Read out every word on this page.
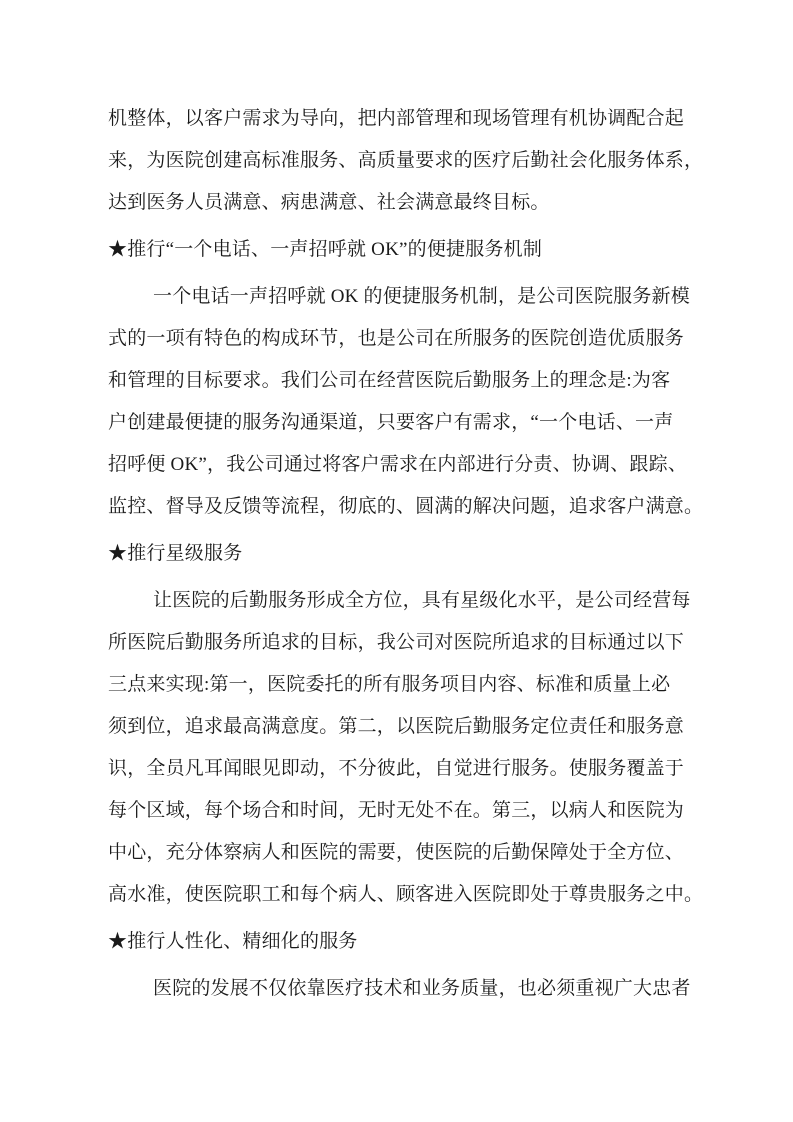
机整体，以客户需求为导向，把内部管理和现场管理有机协调配合起
来，为医院创建高标准服务、高质量要求的医疗后勤社会化服务体系，
达到医务人员满意、病患满意、社会满意最终目标。
★推行“一个电话、一声招呼就 OK”的便捷服务机制
一个电话一声招呼就 OK 的便捷服务机制，是公司医院服务新模
式的一项有特色的构成环节，也是公司在所服务的医院创造优质服务
和管理的目标要求。我们公司在经营医院后勤服务上的理念是:为客
户创建最便捷的服务沟通渠道，只要客户有需求，“一个电话、一声
招呼便 OK”，我公司通过将客户需求在内部进行分责、协调、跟踪、
监控、督导及反馈等流程，彻底的、圆满的解决问题，追求客户满意。
★推行星级服务
让医院的后勤服务形成全方位，具有星级化水平，是公司经营每
所医院后勤服务所追求的目标，我公司对医院所追求的目标通过以下
三点来实现:第一，医院委托的所有服务项目内容、标准和质量上必
须到位，追求最高满意度。第二，以医院后勤服务定位责任和服务意
识，全员凡耳闻眼见即动，不分彼此，自觉进行服务。使服务覆盖于
每个区域，每个场合和时间，无时无处不在。第三，以病人和医院为
中心，充分体察病人和医院的需要，使医院的后勤保障处于全方位、
高水准，使医院职工和每个病人、顾客进入医院即处于尊贵服务之中。
★推行人性化、精细化的服务
医院的发展不仅依靠医疗技术和业务质量，也必须重视广大忠者
